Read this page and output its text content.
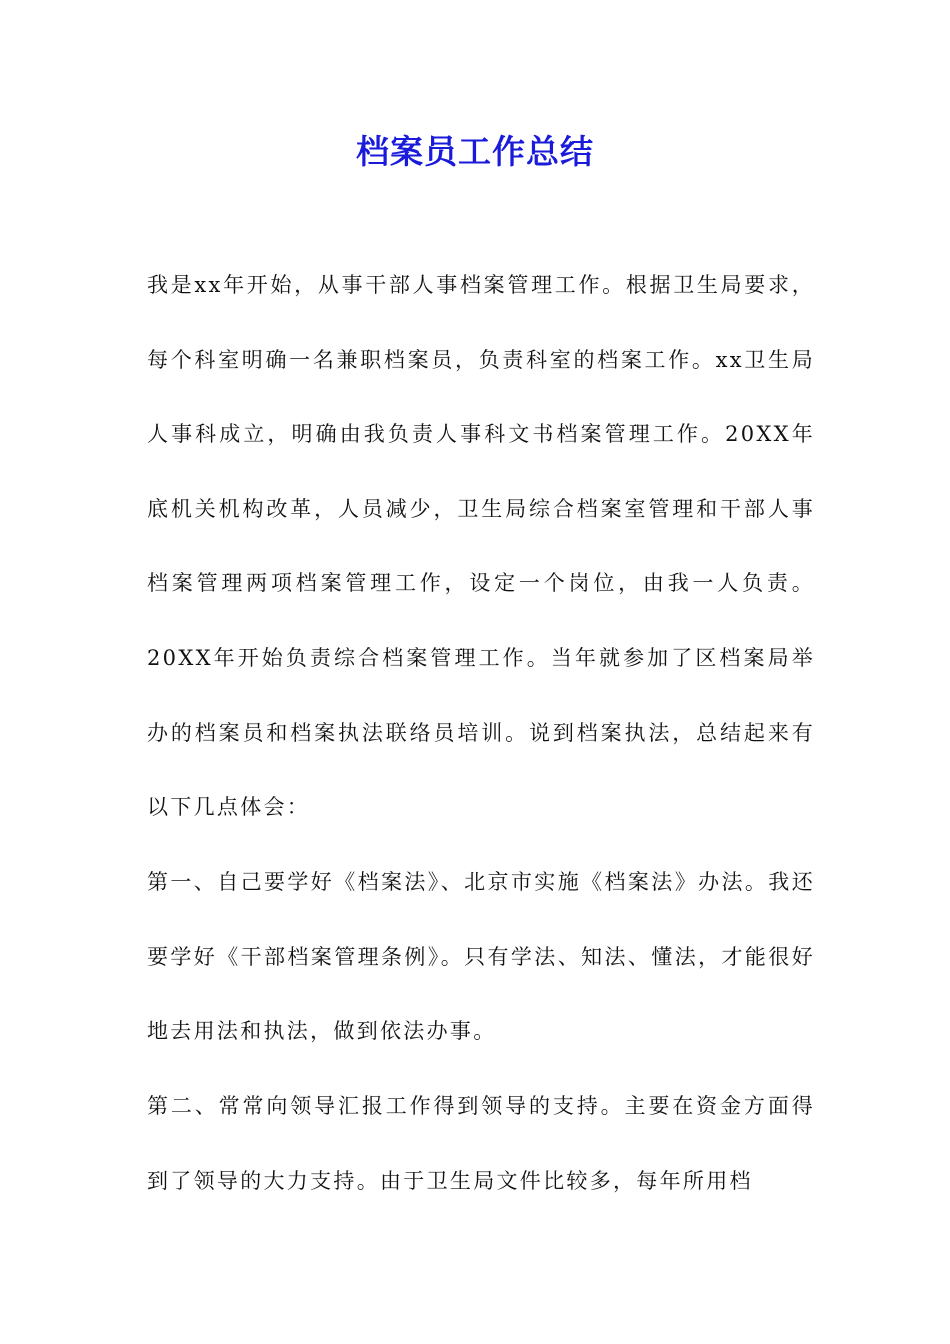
档案员工作总结

我是xx年开始，从事干部人事档案管理工作。根据卫生局要求，每个科室明确一名兼职档案员，负责科室的档案工作。xx卫生局人事科成立，明确由我负责人事科文书档案管理工作。20XX年底机关机构改革，人员减少，卫生局综合档案室管理和干部人事档案管理两项档案管理工作，设定一个岗位，由我一人负责。20XX年开始负责综合档案管理工作。当年就参加了区档案局举办的档案员和档案执法联络员培训。说到档案执法，总结起来有以下几点体会：

第一、自己要学好《档案法》、北京市实施《档案法》办法。我还要学好《干部档案管理条例》。只有学法、知法、懂法，才能很好地去用法和执法，做到依法办事。

第二、常常向领导汇报工作得到领导的支持。主要在资金方面得到了领导的大力支持。由于卫生局文件比较多，每年所用档
